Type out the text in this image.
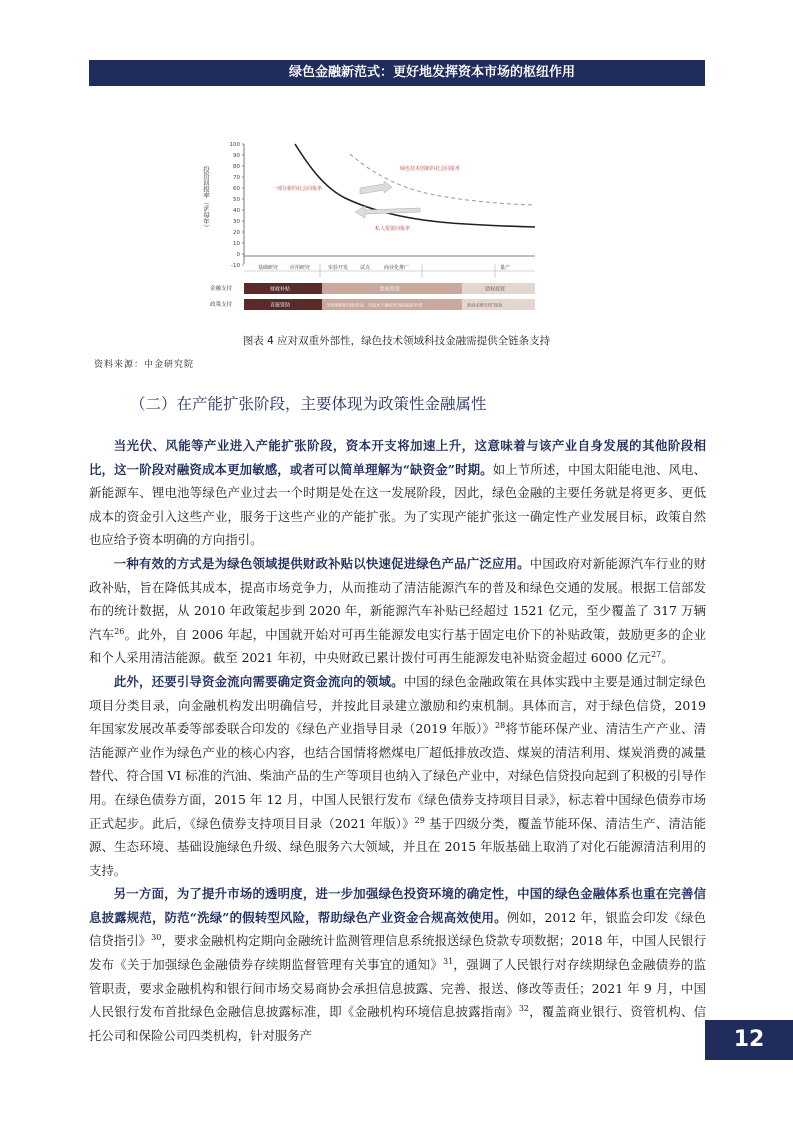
绿色金融新范式：更好地发挥资本市场的枢纽作用
投资回报率（%每年）
100
90
80
70
60
50
40
30
20
10
0
-10
绿色技术创新的社会回报率
一部分新的社会回报率
私人投资回报率
基础研究 应用研究	实验开发 试点	商业化推广	量产
金融支持
政策支持
财政补贴	股权投资	债权投资
直接资助	全周期和阶段性资金、对技术不确定性风险提供补偿	政府采购支持"绿色
图表 4 应对双重外部性，绿色技术领域科技金融需提供全链条支持
资料来源：中金研究院
（二）在产能扩张阶段，主要体现为政策性金融属性

当光伏、风能等产业进入产能扩张阶段，资本开支将加速上升，这意味着与该产业自身发展的其他阶段相比，这一阶段对融资成本更加敏感，或者可以简单理解为“缺资金”时期。如上节所述，中国太阳能电池、风电、新能源车、锂电池等绿色产业过去一个时期是处在这一发展阶段，因此，绿色金融的主要任务就是将更多、更低成本的资金引入这些产业，服务于这些产业的产能扩张。为了实现产能扩张这一确定性产业发展目标，政策自然也应给予资本明确的方向指引。

一种有效的方式是为绿色领域提供财政补贴以快速促进绿色产品广泛应用。中国政府对新能源汽车行业的财政补贴，旨在降低其成本，提高市场竞争力，从而推动了清洁能源汽车的普及和绿色交通的发展。根据工信部发布的统计数据，从 2010 年政策起步到 2020 年，新能源汽车补贴已经超过 1521 亿元，至少覆盖了 317 万辆汽车$^{26}$。此外，自 2006 年起，中国就开始对可再生能源发电实行基于固定电价下的补贴政策，鼓励更多的企业和个人采用清洁能源。截至 2021 年初，中央财政已累计拨付可再生能源发电补贴资金超过 6000 亿元$^{27}$。

此外，还要引导资金流向需要确定资金流向的领域。中国的绿色金融政策在具体实践中主要是通过制定绿色项目分类目录，向金融机构发出明确信号，并按此目录建立激励和约束机制。具体而言，对于绿色信贷，2019 年国家发展改革委等部委联合印发的《绿色产业指导目录（2019 年版）》$^{28}$将节能环保产业、清洁生产产业、清洁能源产业作为绿色产业的核心内容，也结合国情将燃煤电厂超低排放改造、煤炭的清洁利用、煤炭消费的减量替代、符合国 VI 标准的汽油、柴油产品的生产等项目也纳入了绿色产业中，对绿色信贷投向起到了积极的引导作用。在绿色债券方面，2015 年 12 月，中国人民银行发布《绿色债券支持项目目录》，标志着中国绿色债券市场正式起步。此后，《绿色债券支持项目目录（2021 年版）》$^{29}$ 基于四级分类，覆盖节能环保、清洁生产、清洁能源、生态环境、基础设施绿色升级、绿色服务六大领域，并且在 2015 年版基础上取消了对化石能源清洁利用的支持。

另一方面，为了提升市场的透明度，进一步加强绿色投资环境的确定性，中国的绿色金融体系也重在完善信息披露规范，防范“洗绿”的假转型风险，帮助绿色产业资金合规高效使用。例如，2012 年，银监会印发《绿色信贷指引》$^{30}$，要求金融机构定期向金融统计监测管理信息系统报送绿色贷款专项数据；2018 年，中国人民银行发布《关于加强绿色金融债券存续期监督管理有关事宜的通知》$^{31}$，强调了人民银行对存续期绿色金融债券的监管职责，要求金融机构和银行间市场交易商协会承担信息披露、完善、报送、修改等责任；2021 年 9 月，中国人民银行发布首批绿色金融信息披露标准，即《金融机构环境信息披露指南》$^{32}$，覆盖商业银行、资管机构、信托公司和保险公司四类机构，针对服务产	12
